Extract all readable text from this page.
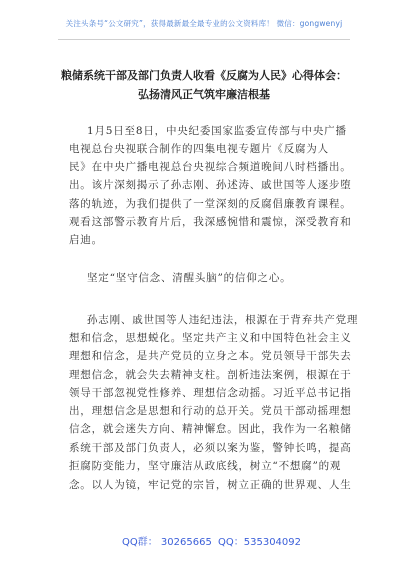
关注头条号“公文研究”，获得最新最全最专业的公文资料库！ 微信：gongwenyj
粮储系统干部及部门负责人收看《反腐为人民》心得体会：
弘扬清风正气筑牢廉洁根基
1月5日至8日，中央纪委国家监委宣传部与中央广播
电视总台央视联合制作的四集电视专题片《反腐为人
民》在中央广播电视总台央视综合频道晚间八时档播出。
出。该片深刻揭示了孙志刚、孙述涛、戚世国等人逐步堕
落的轨迹，为我们提供了一堂深刻的反腐倡廉教育课程。
观看这部警示教育片后，我深感惋惜和震惊，深受教育和
启迪。
坚定“坚守信念、清醒头脑”的信仰之心。
孙志刚、戚世国等人违纪违法，根源在于背弃共产党理
想和信念，思想蜕化。坚定共产主义和中国特色社会主义
理想和信念，是共产党员的立身之本。党员领导干部失去
理想信念，就会失去精神支柱。剖析违法案例，根源在于
领导干部忽视党性修养、理想信念动摇。习近平总书记指
出，理想信念是思想和行动的总开关。党员干部动摇理想
信念，就会迷失方向、精神懈怠。因此，我作为一名粮储
系统干部及部门负责人，必须以案为鉴，警钟长鸣，提高
拒腐防变能力，坚守廉洁从政底线，树立“不想腐”的观
念。以人为镜，牢记党的宗旨，树立正确的世界观、人生
QQ群： 30265665 QQ：535304092
